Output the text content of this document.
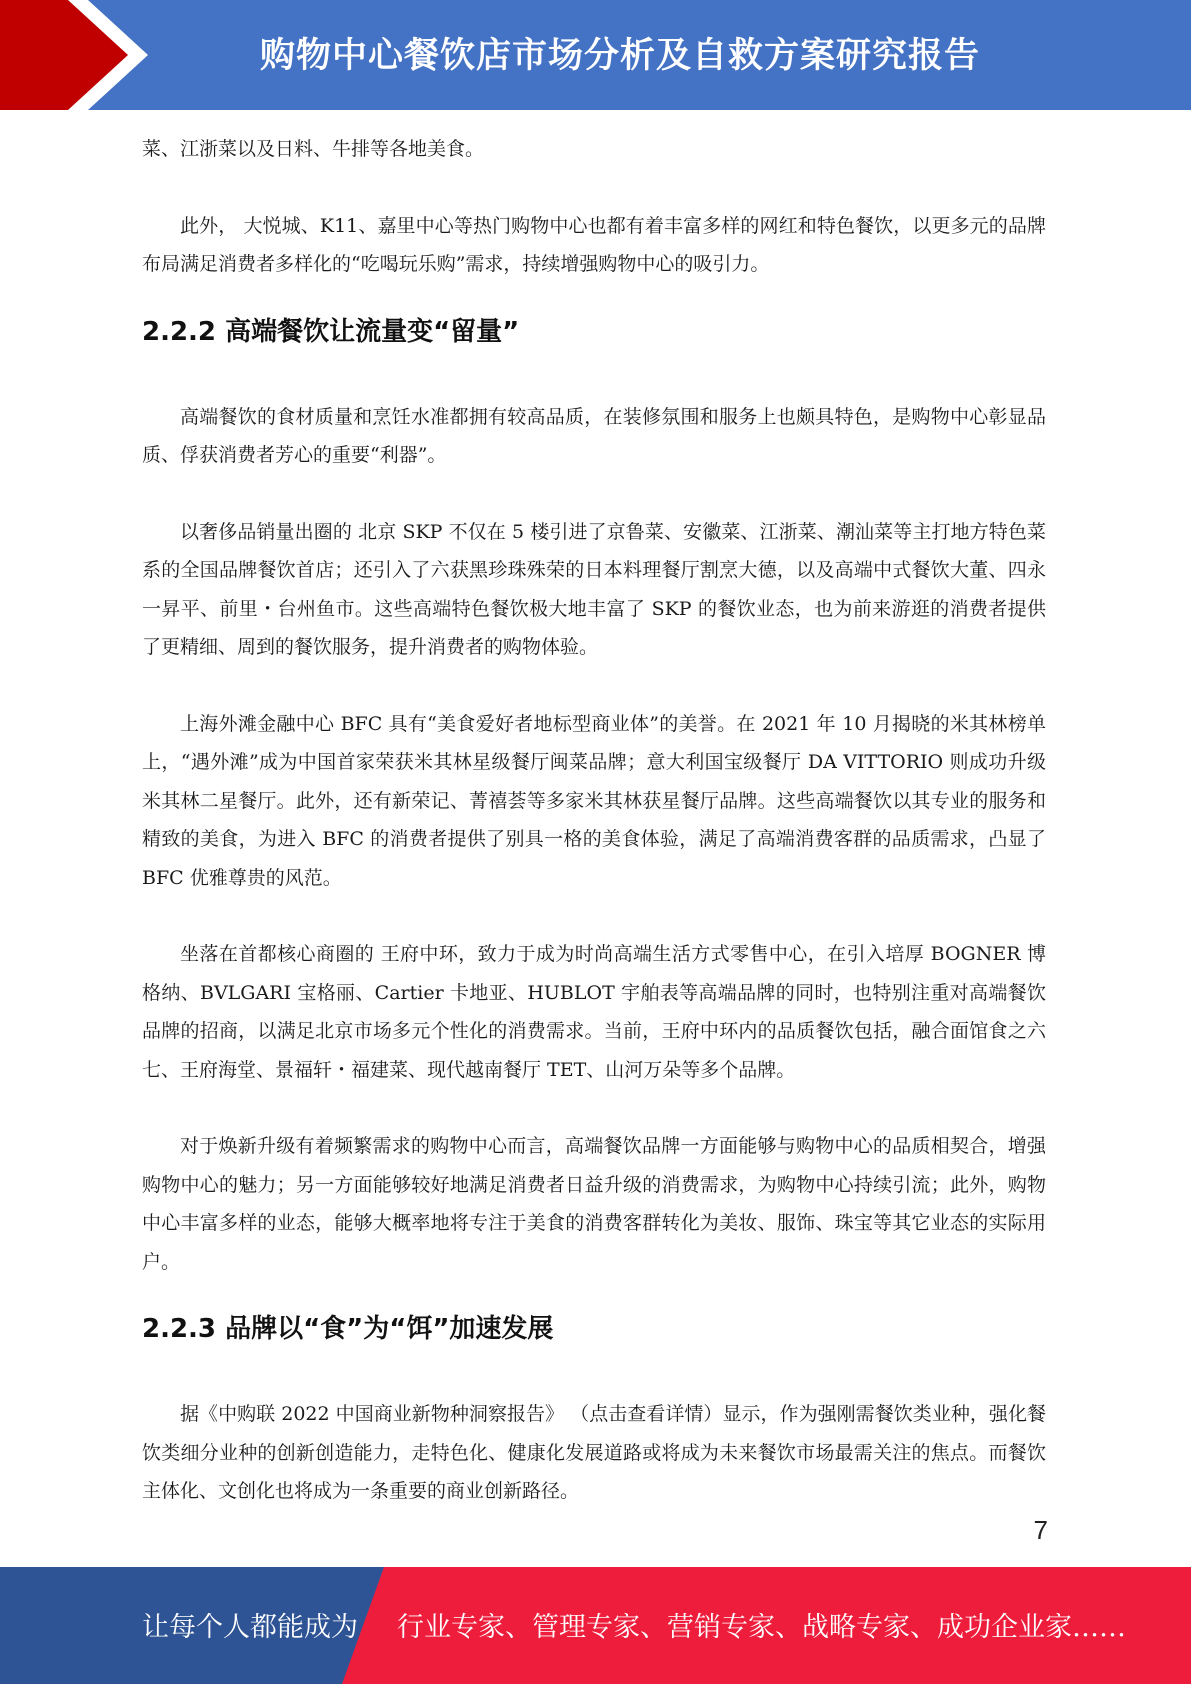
购物中心餐饮店市场分析及自救方案研究报告

菜、江浙菜以及日料、牛排等各地美食。

此外， 大悦城、K11、嘉里中心等热门购物中心也都有着丰富多样的网红和特色餐饮，以更多元的品牌布局满足消费者多样化的“吃喝玩乐购”需求，持续增强购物中心的吸引力。

2.2.2 高端餐饮让流量变“留量”

高端餐饮的食材质量和烹饪水准都拥有较高品质，在装修氛围和服务上也颇具特色，是购物中心彰显品质、俘获消费者芳心的重要“利器”。

以奢侈品销量出圈的 北京 SKP 不仅在 5 楼引进了京鲁菜、安徽菜、江浙菜、潮汕菜等主打地方特色菜系的全国品牌餐饮首店；还引入了六获黑珍珠殊荣的日本料理餐厅割烹大德，以及高端中式餐饮大董、四永一昇平、前里・台州鱼市。这些高端特色餐饮极大地丰富了 SKP 的餐饮业态，也为前来游逛的消费者提供了更精细、周到的餐饮服务，提升消费者的购物体验。

上海外滩金融中心 BFC 具有“美食爱好者地标型商业体”的美誉。在 2021 年 10 月揭晓的米其林榜单上，“遇外滩”成为中国首家荣获米其林星级餐厅闽菜品牌；意大利国宝级餐厅 DA VITTORIO 则成功升级米其林二星餐厅。此外，还有新荣记、菁禧荟等多家米其林获星餐厅品牌。这些高端餐饮以其专业的服务和精致的美食，为进入 BFC 的消费者提供了别具一格的美食体验，满足了高端消费客群的品质需求，凸显了 BFC 优雅尊贵的风范。

坐落在首都核心商圈的 王府中环，致力于成为时尚高端生活方式零售中心，在引入培厚 BOGNER 博格纳、BVLGARI 宝格丽、Cartier 卡地亚、HUBLOT 宇舶表等高端品牌的同时，也特别注重对高端餐饮品牌的招商，以满足北京市场多元个性化的消费需求。当前，王府中环内的品质餐饮包括，融合面馆食之六七、王府海堂、景福轩・福建菜、现代越南餐厅 TET、山河万朵等多个品牌。

对于焕新升级有着频繁需求的购物中心而言，高端餐饮品牌一方面能够与购物中心的品质相契合，增强购物中心的魅力；另一方面能够较好地满足消费者日益升级的消费需求，为购物中心持续引流；此外，购物中心丰富多样的业态，能够大概率地将专注于美食的消费客群转化为美妆、服饰、珠宝等其它业态的实际用户。

2.2.3 品牌以“食”为“饵”加速发展

据《中购联 2022 中国商业新物种洞察报告》 （点击查看详情）显示，作为强刚需餐饮类业种，强化餐饮类细分业种的创新创造能力，走特色化、健康化发展道路或将成为未来餐饮市场最需关注的焦点。而餐饮主体化、文创化也将成为一条重要的商业创新路径。

7
让每个人都能成为 行业专家、管理专家、营销专家、战略专家、成功企业家……
